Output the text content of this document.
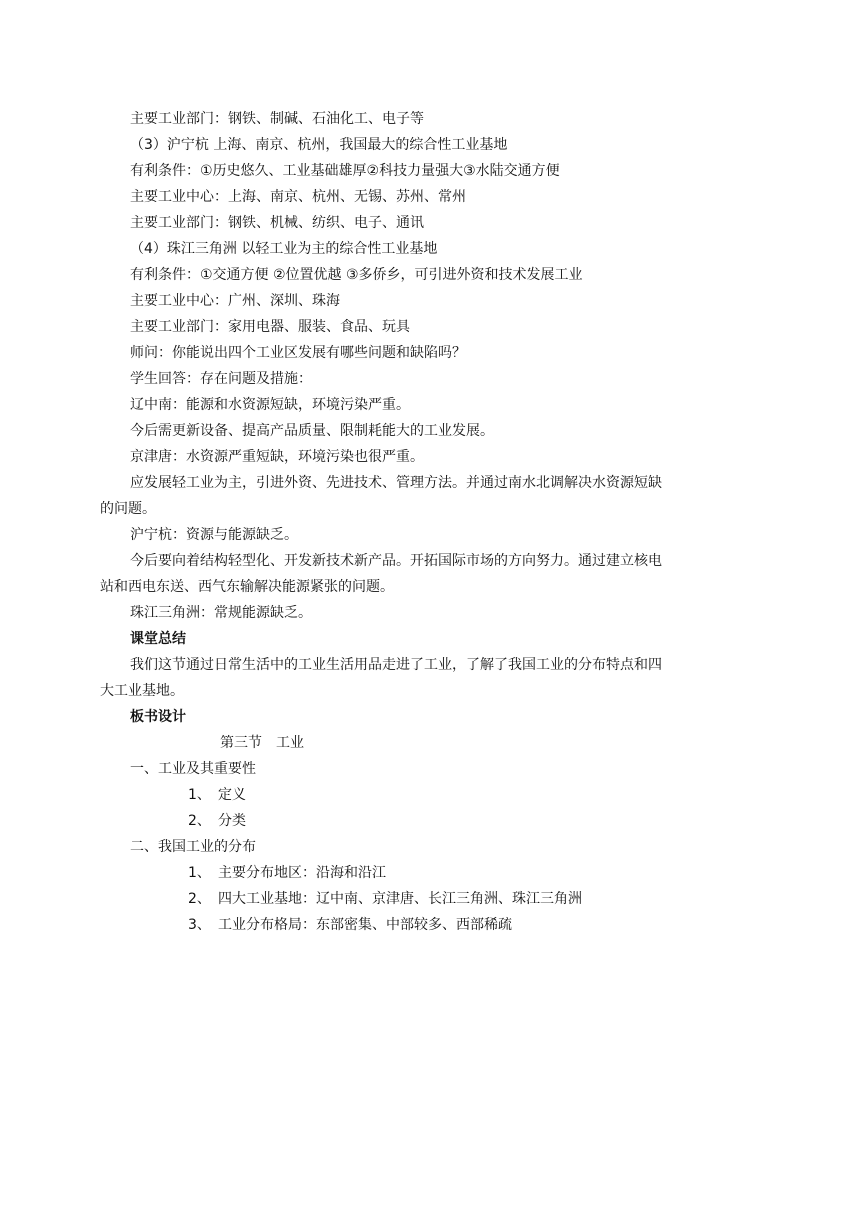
主要工业部门：钢铁、制碱、石油化工、电子等
（3）沪宁杭 上海、南京、杭州，我国最大的综合性工业基地
有利条件：①历史悠久、工业基础雄厚②科技力量强大③水陆交通方便
主要工业中心：上海、南京、杭州、无锡、苏州、常州
主要工业部门：钢铁、机械、纺织、电子、通讯
（4）珠江三角洲 以轻工业为主的综合性工业基地
有利条件：①交通方便 ②位置优越 ③多侨乡，可引进外资和技术发展工业
主要工业中心：广州、深圳、珠海
主要工业部门：家用电器、服装、食品、玩具
师问：你能说出四个工业区发展有哪些问题和缺陷吗？
学生回答：存在问题及措施：
辽中南：能源和水资源短缺，环境污染严重。
今后需更新设备、提高产品质量、限制耗能大的工业发展。
京津唐：水资源严重短缺，环境污染也很严重。
应发展轻工业为主，引进外资、先进技术、管理方法。并通过南水北调解决水资源短缺
的问题。
沪宁杭：资源与能源缺乏。
今后要向着结构轻型化、开发新技术新产品。开拓国际市场的方向努力。通过建立核电
站和西电东送、西气东输解决能源紧张的问题。
珠江三角洲：常规能源缺乏。
课堂总结
我们这节通过日常生活中的工业生活用品走进了工业，了解了我国工业的分布特点和四
大工业基地。
板书设计
第三节　工业
一、工业及其重要性
1、 定义
2、 分类
二、我国工业的分布
1、 主要分布地区：沿海和沿江
2、 四大工业基地：辽中南、京津唐、长江三角洲、珠江三角洲
3、 工业分布格局：东部密集、中部较多、西部稀疏
